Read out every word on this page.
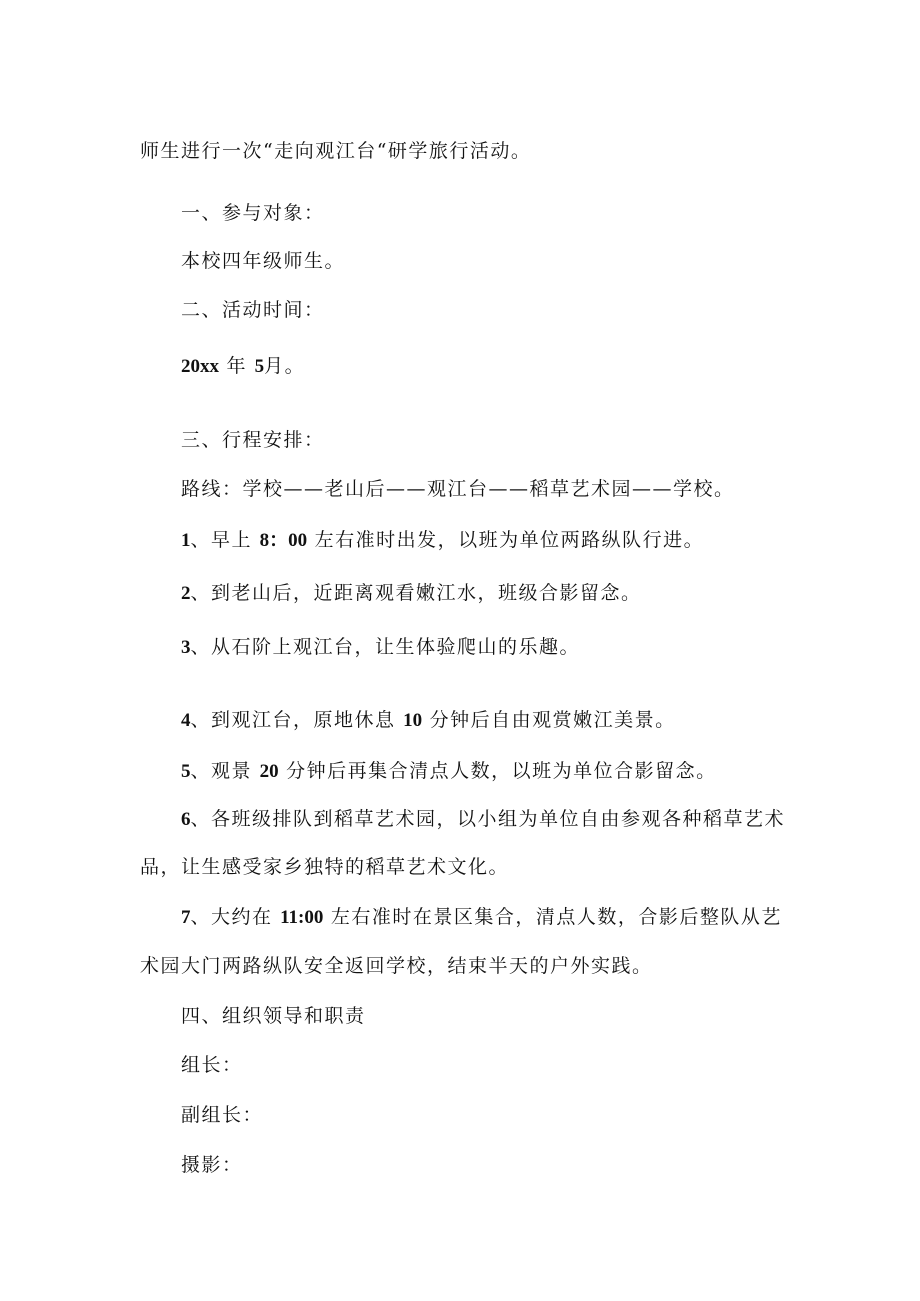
师生进行一次“走向观江台“研学旅行活动。
一、参与对象：
本校四年级师生。
二、活动时间：
20xx 年 5月。
三、行程安排：
路线：学校——老山后——观江台——稻草艺术园——学校。
1、早上 8：00 左右准时出发，以班为单位两路纵队行进。
2、到老山后，近距离观看嫩江水，班级合影留念。
3、从石阶上观江台，让生体验爬山的乐趣。
4、到观江台，原地休息 10 分钟后自由观赏嫩江美景。
5、观景 20 分钟后再集合清点人数，以班为单位合影留念。
6、各班级排队到稻草艺术园，以小组为单位自由参观各种稻草艺术
品，让生感受家乡独特的稻草艺术文化。
7、大约在 11:00 左右准时在景区集合，清点人数，合影后整队从艺
术园大门两路纵队安全返回学校，结束半天的户外实践。
四、组织领导和职责
组长：
副组长：
摄影：
